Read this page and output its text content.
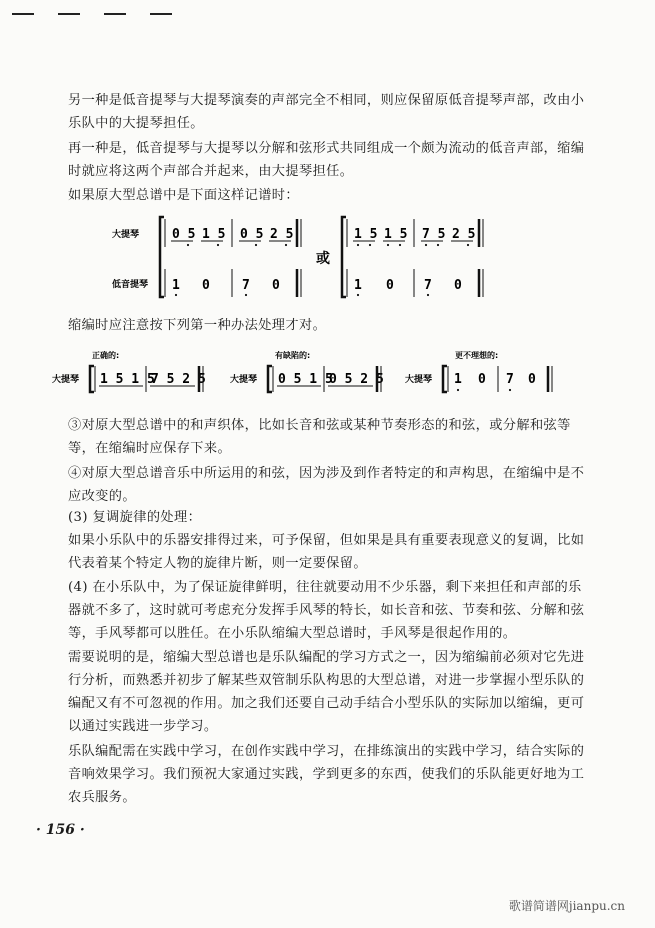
另一种是低音提琴与大提琴演奏的声部完全不相同，则应保留原低音提琴声部，改由小乐队中的大提琴担任。

再一种是，低音提琴与大提琴以分解和弦形式共同组成一个颇为流动的低音声部，缩编时就应将这两个声部合并起来，由大提琴担任。

如果原大型总谱中是下面这样记谱时：

大提琴
低音提琴
0 5 1 5 0 5 2 5
1 0 7 0
或
1 5 1 5 7 5 2 5
1 0 7 0

缩编时应注意按下列第一种办法处理才对。

正确的:	有缺陷的:	更不理想的:
大提琴 1 5 1 5
7 5 2 5	大提琴 0 5 1 5
0 5 2 5 大提琴 1 0 7 0

③对原大型总谱中的和声织体，比如长音和弦或某种节奏形态的和弦，或分解和弦等等，在缩编时应保存下来。

④对原大型总谱音乐中所运用的和弦，因为涉及到作者特定的和声构思，在缩编中是不应改变的。

(3) 复调旋律的处理：

如果小乐队中的乐器安排得过来，可予保留，但如果是具有重要表现意义的复调，比如代表着某个特定人物的旋律片断，则一定要保留。

(4) 在小乐队中，为了保证旋律鲜明，往往就要动用不少乐器，剩下来担任和声部的乐器就不多了，这时就可考虑充分发挥手风琴的特长，如长音和弦、节奏和弦、分解和弦等，手风琴都可以胜任。在小乐队缩编大型总谱时，手风琴是很起作用的。

需要说明的是，缩编大型总谱也是乐队编配的学习方式之一，因为缩编前必须对它先进行分析，而熟悉并初步了解某些双管制乐队构思的大型总谱，对进一步掌握小型乐队的编配又有不可忽视的作用。加之我们还要自己动手结合小型乐队的实际加以缩编，更可以通过实践进一步学习。

乐队编配需在实践中学习，在创作实践中学习，在排练演出的实践中学习，结合实际的音响效果学习。我们预祝大家通过实践，学到更多的东西，使我们的乐队能更好地为工农兵服务。

· 156 ·
歌谱简谱网jianpu.cn
